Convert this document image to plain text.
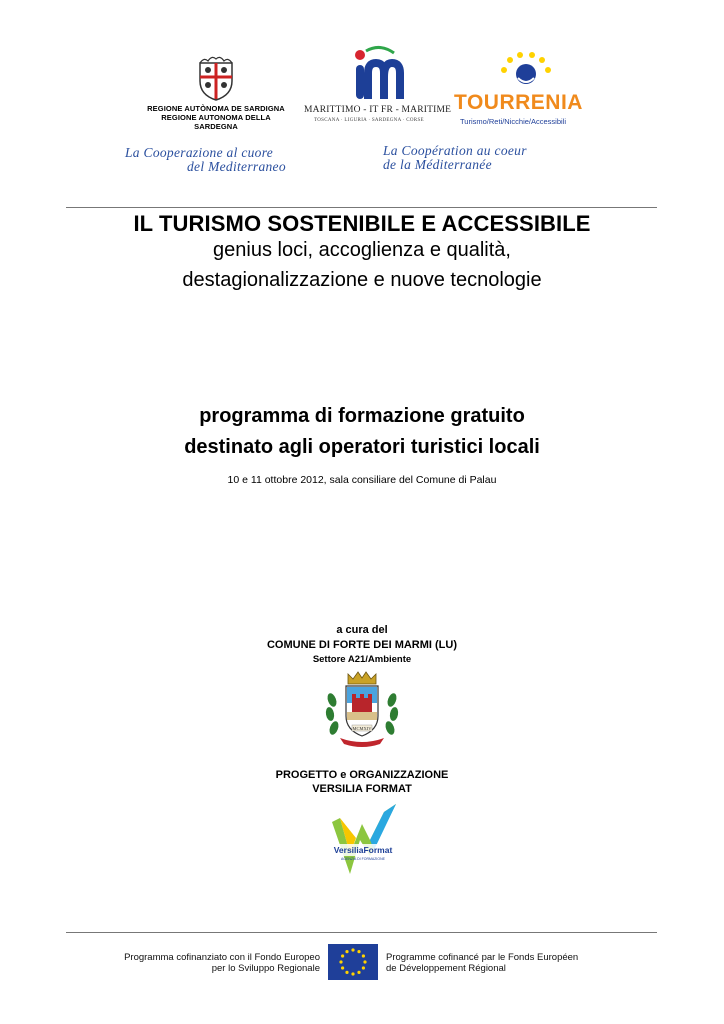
REGIONE AUTÒNOMA DE SARDIGNA
REGIONE AUTONOMA DELLA SARDEGNA
MARITTIMO - IT FR - MARITIME
TOSCANA · LIGURIA · SARDEGNA · CORSE
TOURRENIA
Turismo/Reti/Nicchie/Accessibili
La Cooperazione al cuore
del Mediterraneo
La Coopération au coeur
de la Méditerranée
IL TURISMO SOSTENIBILE E ACCESSIBILE
genius loci, accoglienza e qualità,
destagionalizzazione e nuove tecnologie
programma di formazione gratuito
destinato agli operatori turistici locali
10 e 11 ottobre 2012, sala consiliare del Comune di Palau
a cura del
COMUNE DI FORTE DEI MARMI (LU)
Settore A21/Ambiente
MCMXIV
PROGETTO e ORGANIZZAZIONE
VERSILIA FORMAT
VersiliaFormat
AGENZIA DI FORMAZIONE
Programma cofinanziato con il Fondo Europeo
per lo Sviluppo Regionale
Programme cofinancé par le Fonds Européen
de Développement Régional
